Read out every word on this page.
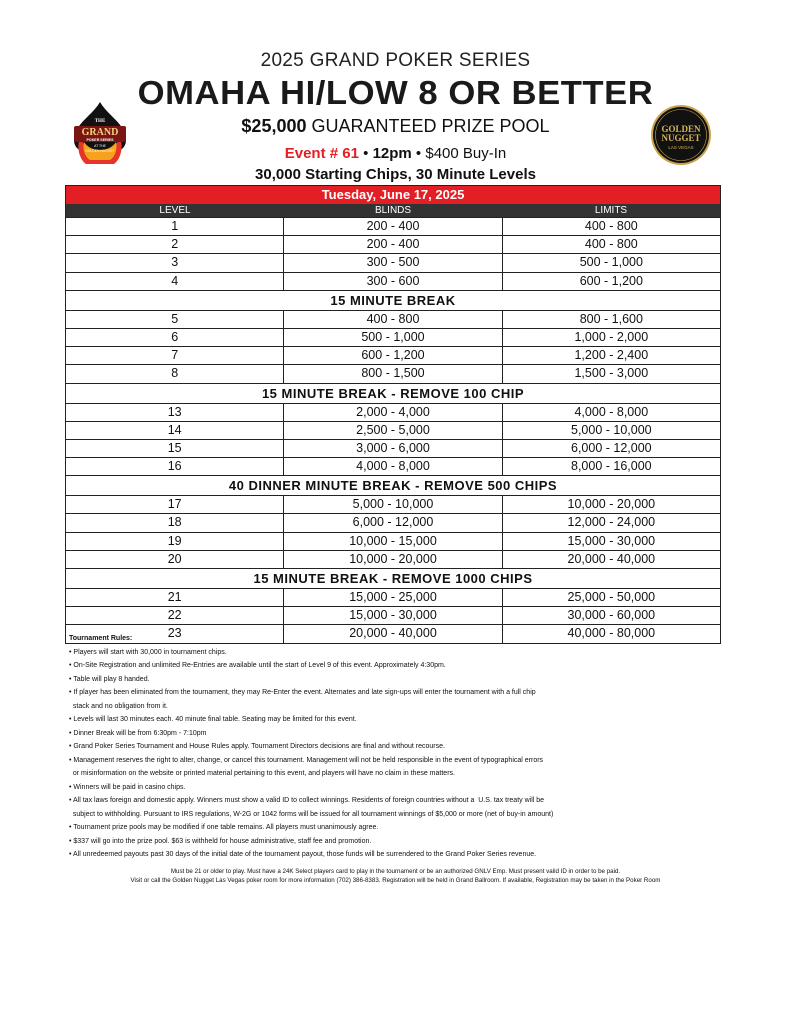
2025 GRAND POKER SERIES
OMAHA HI/LOW 8 OR BETTER
THE
GRAND
POKER SERIES
AT THE
GOLDEN NUGGET
GOLDEN
NUGGET
LAS VEGAS
$25,000 GUARANTEED PRIZE POOL
Event # 61 • 12pm • $400 Buy-In
30,000 Starting Chips, 30 Minute Levels
Tuesday, June 17, 2025
LEVEL	BLINDS	LIMITS
1	200 - 400	400 - 800
2	200 - 400	400 - 800
3	300 - 500	500 - 1,000
4	300 - 600	600 - 1,200
15 MINUTE BREAK
5	400 - 800	800 - 1,600
6	500 - 1,000	1,000 - 2,000
7	600 - 1,200	1,200 - 2,400
8	800 - 1,500	1,500 - 3,000
15 MINUTE BREAK - REMOVE 100 CHIP
13	2,000 - 4,000	4,000 - 8,000
14	2,500 - 5,000	5,000 - 10,000
15	3,000 - 6,000	6,000 - 12,000
16	4,000 - 8,000	8,000 - 16,000
40 DINNER MINUTE BREAK - REMOVE 500 CHIPS
17	5,000 - 10,000	10,000 - 20,000
18	6,000 - 12,000	12,000 - 24,000
19	10,000 - 15,000	15,000 - 30,000
20	10,000 - 20,000	20,000 - 40,000
15 MINUTE BREAK - REMOVE 1000 CHIPS
21	15,000 - 25,000	25,000 - 50,000
22	15,000 - 30,000	30,000 - 60,000
23	20,000 - 40,000	40,000 - 80,000
Tournament Rules:
• Players will start with 30,000 in tournament chips.
• On-Site Registration and unlimited Re-Entries are available until the start of Level 9 of this event. Approximately 4:30pm.
• Table will play 8 handed.
• If player has been eliminated from the tournament, they may Re-Enter the event. Alternates and late sign-ups will enter the tournament with a full chip
stack and no obligation from it.
• Levels will last 30 minutes each. 40 minute final table. Seating may be limited for this event.
• Dinner Break will be from 6:30pm - 7:10pm
• Grand Poker Series Tournament and House Rules apply. Tournament Directors decisions are final and without recourse.
• Management reserves the right to alter, change, or cancel this tournament. Management will not be held responsible in the event of typographical errors
or misinformation on the website or printed material pertaining to this event, and players will have no claim in these matters.
• Winners will be paid in casino chips.
• All tax laws foreign and domestic apply. Winners must show a valid ID to collect winnings. Residents of foreign countries without a  U.S. tax treaty will be
subject to withholding. Pursuant to IRS regulations, W-2G or 1042 forms will be issued for all tournament winnings of $5,000 or more (net of buy-in amount)
• Tournament prize pools may be modified if one table remains. All players must unanimously agree.
• $337 will go into the prize pool. $63 is withheld for house administrative, staff fee and promotion.
• All unredeemed payouts past 30 days of the initial date of the tournament payout, those funds will be surrendered to the Grand Poker Series revenue.
Must be 21 or older to play. Must have a 24K Select players card to play in the tournament or be an authorized GNLV Emp. Must present valid ID in order to be paid.
Visit or call the Golden Nugget Las Vegas poker room for more information (702) 386-8383. Registration will be held in Grand Ballroom. If available, Registration may be taken in the Poker Room
